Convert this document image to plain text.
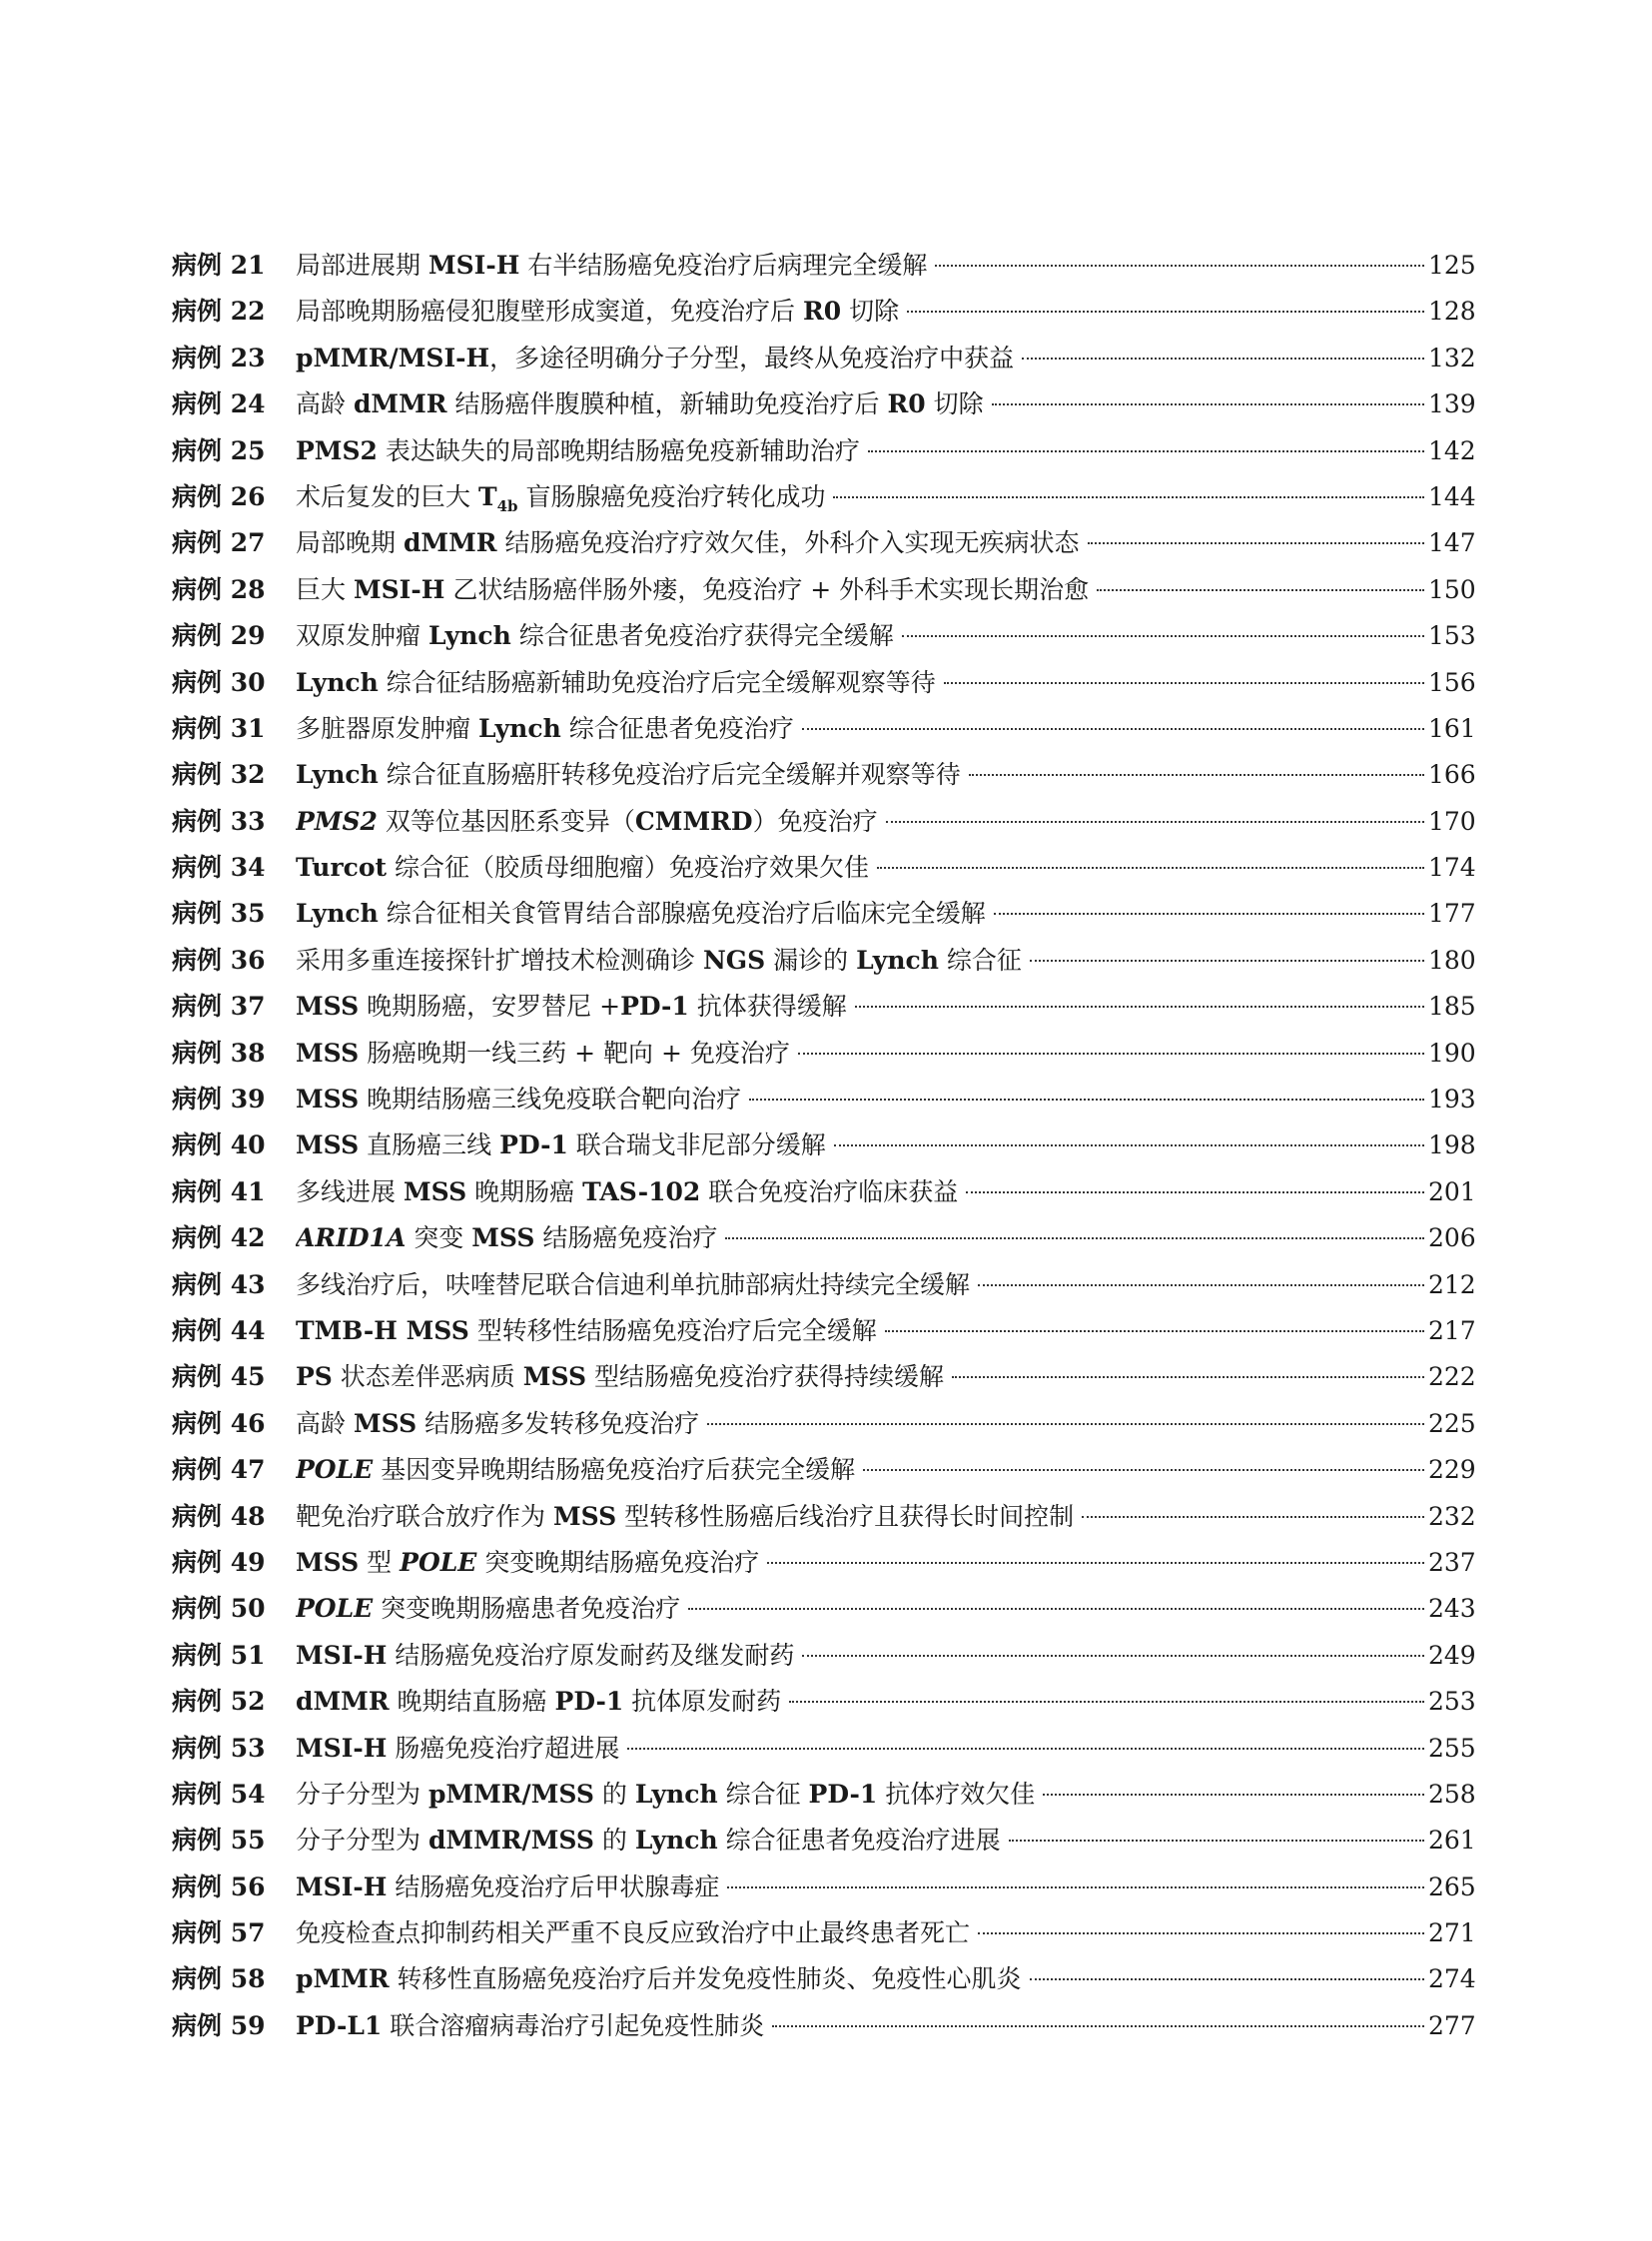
病例 21	局部进展期 MSI-H 右半结肠癌免疫治疗后病理完全缓解	125
病例 22	局部晚期肠癌侵犯腹壁形成窦道，免疫治疗后 R0 切除	128
病例 23	pMMR/MSI-H，多途径明确分子分型，最终从免疫治疗中获益	132
病例 24	高龄 dMMR 结肠癌伴腹膜种植，新辅助免疫治疗后 R0 切除	139
病例 25	PMS2 表达缺失的局部晚期结肠癌免疫新辅助治疗	142
病例 26	术后复发的巨大 $T_{4b}$ 盲肠腺癌免疫治疗转化成功	144
病例 27	局部晚期 dMMR 结肠癌免疫治疗疗效欠佳，外科介入实现无疾病状态	147
病例 28	巨大 MSI-H 乙状结肠癌伴肠外瘘，免疫治疗 + 外科手术实现长期治愈	150
病例 29	双原发肿瘤 Lynch 综合征患者免疫治疗获得完全缓解	153
病例 30	Lynch 综合征结肠癌新辅助免疫治疗后完全缓解观察等待	156
病例 31	多脏器原发肿瘤 Lynch 综合征患者免疫治疗	161
病例 32	Lynch 综合征直肠癌肝转移免疫治疗后完全缓解并观察等待	166
病例 33	PMS2 双等位基因胚系变异（CMMRD）免疫治疗	170
病例 34	Turcot 综合征（胶质母细胞瘤）免疫治疗效果欠佳	174
病例 35	Lynch 综合征相关食管胃结合部腺癌免疫治疗后临床完全缓解	177
病例 36	采用多重连接探针扩增技术检测确诊 NGS 漏诊的 Lynch 综合征	180
病例 37	MSS 晚期肠癌，安罗替尼 +PD-1 抗体获得缓解	185
病例 38	MSS 肠癌晚期一线三药 + 靶向 + 免疫治疗	190
病例 39	MSS 晚期结肠癌三线免疫联合靶向治疗	193
病例 40	MSS 直肠癌三线 PD-1 联合瑞戈非尼部分缓解	198
病例 41	多线进展 MSS 晚期肠癌 TAS-102 联合免疫治疗临床获益	201
病例 42	ARID1A 突变 MSS 结肠癌免疫治疗	206
病例 43	多线治疗后，呋喹替尼联合信迪利单抗肺部病灶持续完全缓解	212
病例 44	TMB-H MSS 型转移性结肠癌免疫治疗后完全缓解	217
病例 45	PS 状态差伴恶病质 MSS 型结肠癌免疫治疗获得持续缓解	222
病例 46	高龄 MSS 结肠癌多发转移免疫治疗	225
病例 47	POLE 基因变异晚期结肠癌免疫治疗后获完全缓解	229
病例 48	靶免治疗联合放疗作为 MSS 型转移性肠癌后线治疗且获得长时间控制	232
病例 49	MSS 型 POLE 突变晚期结肠癌免疫治疗	237
病例 50	POLE 突变晚期肠癌患者免疫治疗	243
病例 51	MSI-H 结肠癌免疫治疗原发耐药及继发耐药	249
病例 52	dMMR 晚期结直肠癌 PD-1 抗体原发耐药	253
病例 53	MSI-H 肠癌免疫治疗超进展	255
病例 54	分子分型为 pMMR/MSS 的 Lynch 综合征 PD-1 抗体疗效欠佳	258
病例 55	分子分型为 dMMR/MSS 的 Lynch 综合征患者免疫治疗进展	261
病例 56	MSI-H 结肠癌免疫治疗后甲状腺毒症	265
病例 57	免疫检查点抑制药相关严重不良反应致治疗中止最终患者死亡	271
病例 58	pMMR 转移性直肠癌免疫治疗后并发免疫性肺炎、免疫性心肌炎	274
病例 59	PD-L1 联合溶瘤病毒治疗引起免疫性肺炎	277
